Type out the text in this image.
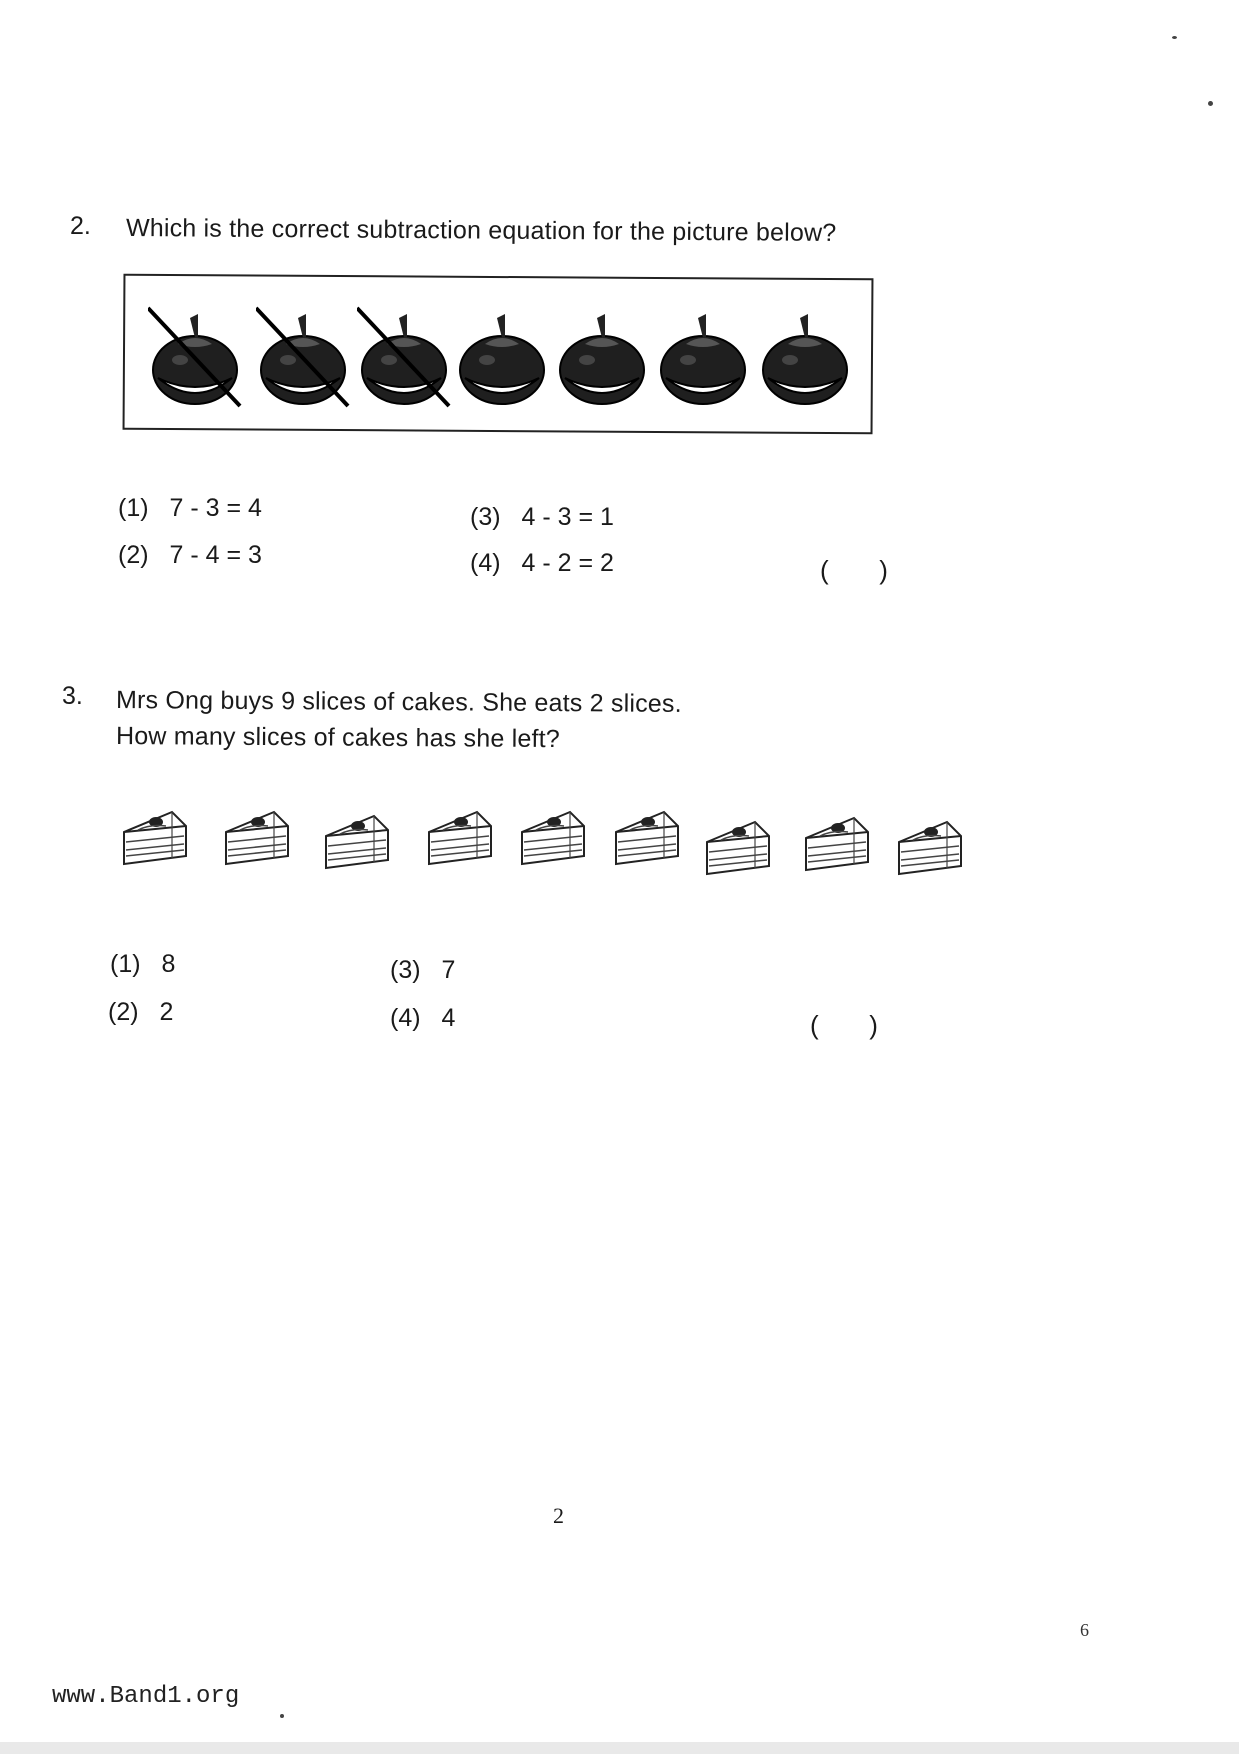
2. Which is the correct subtraction equation for the picture below?
(1) 7 - 3 = 4
(2) 7 - 4 = 3
(3) 4 - 3 = 1
(4) 4 - 2 = 2	(       )
3. Mrs Ong buys 9 slices of cakes. She eats 2 slices.
How many slices of cakes has she left?
(1) 8
(2) 2
(3) 7
(4) 4	(       )
2
6
www.Band1.org
